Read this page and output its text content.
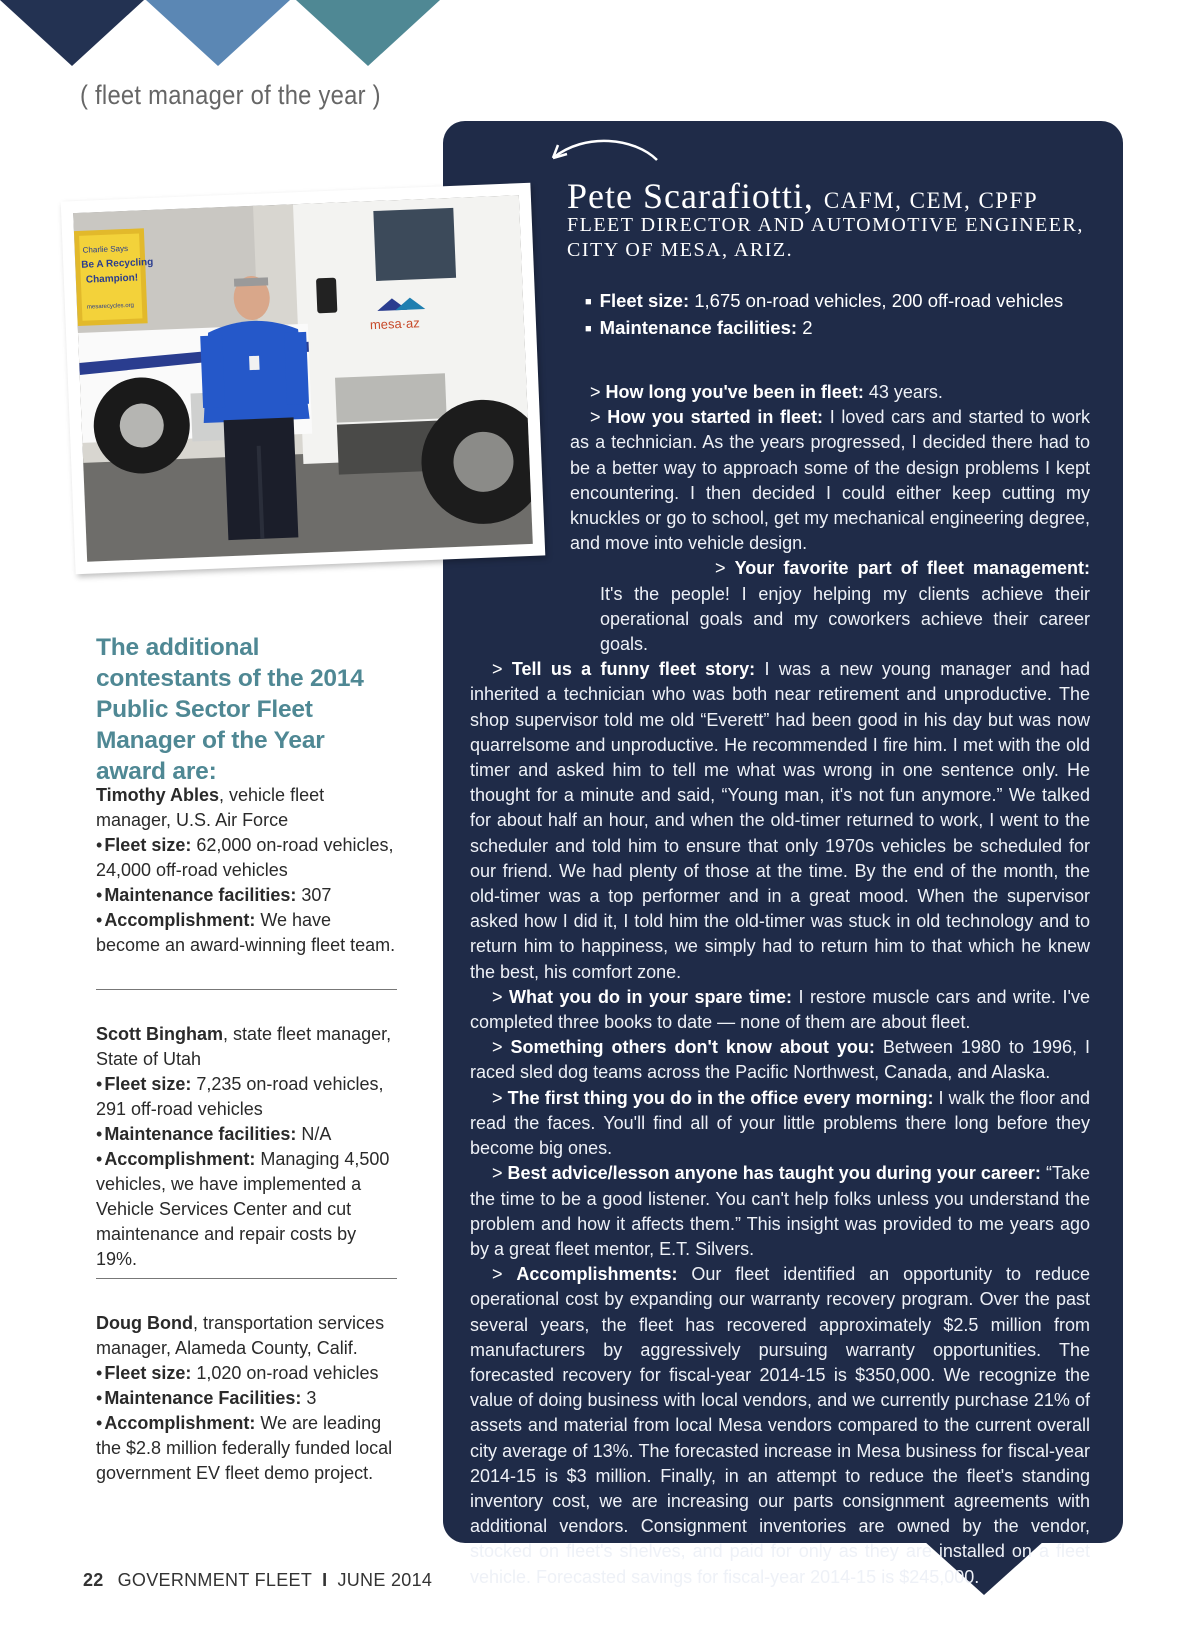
( fleet manager of the year )
Pete Scarafiotti, CAFM, CEM, CPFP
FLEET DIRECTOR AND AUTOMOTIVE ENGINEER,
CITY OF MESA, ARIZ.
■ Fleet size: 1,675 on-road vehicles, 200 off-road vehicles
■ Maintenance facilities: 2

> How long you've been in fleet: 43 years.

> How you started in fleet: I loved cars and started to work as a technician. As the years progressed, I decided there had to be a better way to approach some of the design problems I kept encountering. I then decided I could either keep cutting my knuckles or go to school, get my mechanical engineering degree, and move into vehicle design.

> Your favorite part of fleet management: It's the people! I enjoy helping my clients achieve their operational goals and my coworkers achieve their career goals.

> Tell us a funny fleet story: I was a new young manager and had inherited a technician who was both near retirement and unproductive. The shop supervisor told me old “Everett” had been good in his day but was now quarrelsome and unproductive. He recommended I fire him. I met with the old timer and asked him to tell me what was wrong in one sentence only. He thought for a minute and said, “Young man, it's not fun anymore.” We talked for about half an hour, and when the old-timer returned to work, I went to the scheduler and told him to ensure that only 1970s vehicles be scheduled for our friend. We had plenty of those at the time. By the end of the month, the old-timer was a top performer and in a great mood. When the supervisor asked how I did it, I told him the old-timer was stuck in old technology and to return him to happiness, we simply had to return him to that which he knew the best, his comfort zone.

> What you do in your spare time: I restore muscle cars and write. I've completed three books to date — none of them are about fleet.

> Something others don't know about you: Between 1980 to 1996, I raced sled dog teams across the Pacific Northwest, Canada, and Alaska.

> The first thing you do in the office every morning: I walk the floor and read the faces. You'll find all of your little problems there long before they become big ones.

> Best advice/lesson anyone has taught you during your career: “Take the time to be a good listener. You can't help folks unless you understand the problem and how it affects them.” This insight was provided to me years ago by a great fleet mentor, E.T. Silvers.

> Accomplishments: Our fleet identified an opportunity to reduce operational cost by expanding our warranty recovery program. Over the past several years, the fleet has recovered approximately $2.5 million from manufacturers by aggressively pursuing warranty opportunities. The forecasted recovery for fiscal-year 2014-15 is $350,000. We recognize the value of doing business with local vendors, and we currently purchase 21% of assets and material from local Mesa vendors compared to the current overall city average of 13%. The forecasted increase in Mesa business for fiscal-year 2014-15 is $3 million. Finally, in an attempt to reduce the fleet's standing inventory cost, we are increasing our parts consignment agreements with additional vendors. Consignment inventories are owned by the vendor, stocked on fleet's shelves, and paid for only as they are installed on a fleet vehicle. Forecasted savings for fiscal-year 2014-15 is $245,000.

Charlie Says
Be A Recycling
Champion!
mesarecycles.org
mesa·az
The additional contestants of the 2014 Public Sector Fleet Manager of the Year award are:
Timothy Ables, vehicle fleet manager, U.S. Air Force
• Fleet size: 62,000 on-road vehicles, 24,000 off-road vehicles
• Maintenance facilities: 307
• Accomplishment: We have become an award-winning fleet team.
Scott Bingham, state fleet manager, State of Utah
• Fleet size: 7,235 on-road vehicles, 291 off-road vehicles
• Maintenance facilities: N/A
• Accomplishment: Managing 4,500 vehicles, we have implemented a Vehicle Services Center and cut maintenance and repair costs by 19%.
Doug Bond, transportation services manager, Alameda County, Calif.
• Fleet size: 1,020 on-road vehicles
• Maintenance Facilities: 3
• Accomplishment: We are leading the $2.8 million federally funded local government EV fleet demo project.
22 GOVERNMENT FLEET I JUNE 2014
